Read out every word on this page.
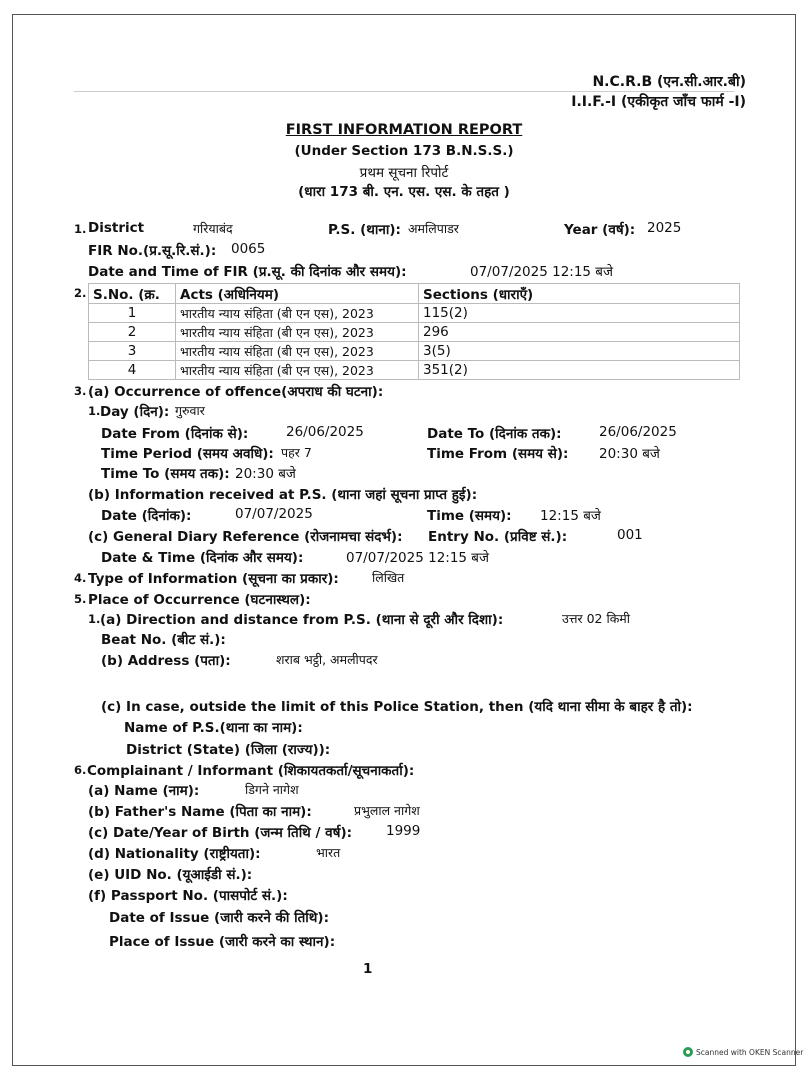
N.C.R.B (एन.सी.आर.बी)
I.I.F.-I (एकीकृत जाँच फार्म -I)
FIRST INFORMATION REPORT
(Under Section 173 B.N.S.S.)
प्रथम सूचना रिपोर्ट
(धारा 173 बी. एन. एस. एस. के तहत )
1. District	गरियाबंद	P.S. (थाना): अमलिपाडर	Year (वर्ष): 2025
FIR No.(प्र.सू.रि.सं.): 0065
Date and Time of FIR (प्र.सू. की दिनांक और समय):	07/07/2025 12:15 बजे
2. S.No. (क्र.	Acts (अधिनियम)	Sections (धाराएँ)
1	भारतीय न्याय संहिता (बी एन एस), 2023	115(2)
2	भारतीय न्याय संहिता (बी एन एस), 2023	296
3	भारतीय न्याय संहिता (बी एन एस), 2023	3(5)
4	भारतीय न्याय संहिता (बी एन एस), 2023	351(2)
3. (a) Occurrence of offence(अपराध की घटना):
1. Day (दिन): गुरुवार
Date From (दिनांक से):	26/06/2025	Date To (दिनांक तक):	26/06/2025
Time Period (समय अवधि): पहर 7	Time From (समय से): 20:30 बजे
Time To (समय तक): 20:30 बजे
(b) Information received at P.S. (थाना जहां सूचना प्राप्त हुई):
Date (दिनांक):	07/07/2025	Time (समय): 12:15 बजे
(c) General Diary Reference (रोजनामचा संदर्भ): Entry No. (प्रविष्ट सं.):	001
Date & Time (दिनांक और समय):	07/07/2025 12:15 बजे
4. Type of Information (सूचना का प्रकार):	लिखित
5. Place of Occurrence (घटनास्थल):
1. (a) Direction and distance from P.S. (थाना से दूरी और दिशा):	उत्तर 02 किमी
Beat No. (बीट सं.):
(b) Address (पता):	शराब भट्ठी, अमलीपदर
(c) In case, outside the limit of this Police Station, then (यदि थाना सीमा के बाहर है तो):
Name of P.S.(थाना का नाम):
District (State) (जिला (राज्य)):
6. Complainant / Informant (शिकायतकर्ता/सूचनाकर्ता):
(a) Name (नाम):	डिगने नागेश
(b) Father's Name (पिता का नाम):	प्रभुलाल नागेश
(c) Date/Year of Birth (जन्म तिथि / वर्ष):	1999
(d) Nationality (राष्ट्रीयता):	भारत
(e) UID No. (यूआईडी सं.):
(f) Passport No. (पासपोर्ट सं.):
Date of Issue (जारी करने की तिथि):
Place of Issue (जारी करने का स्थान):
1
Scanned with OKEN Scanner
